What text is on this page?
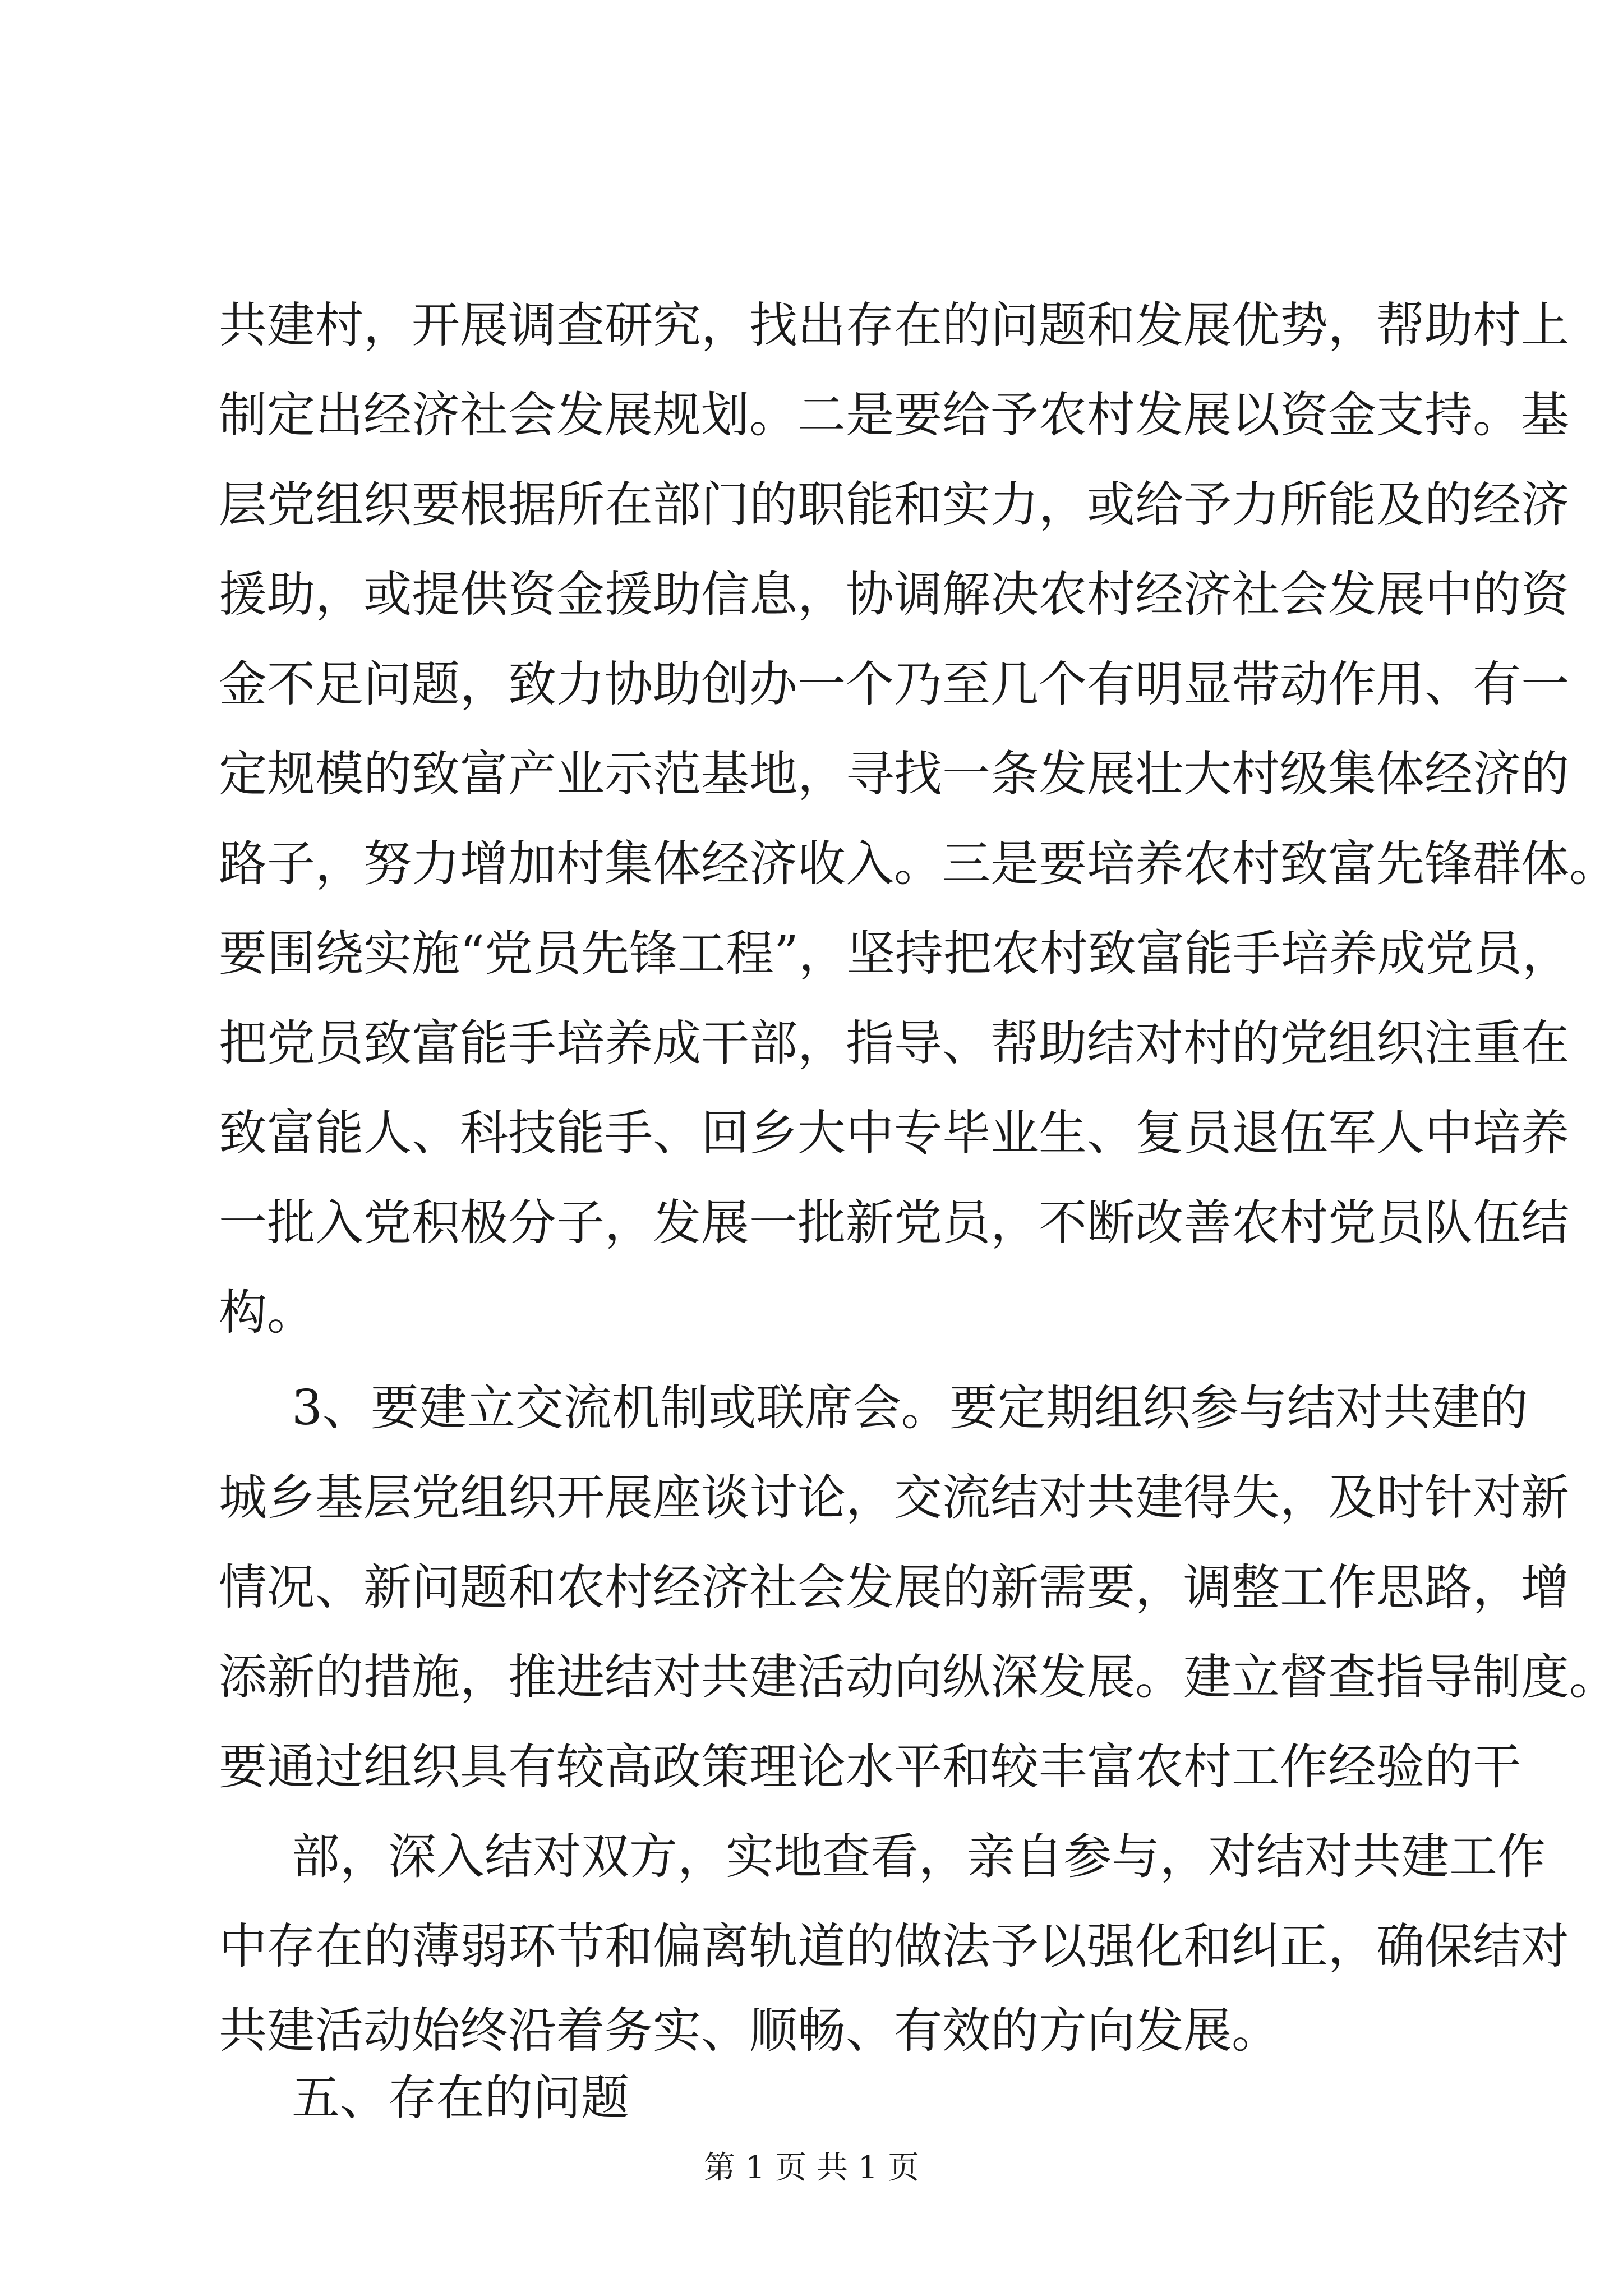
共建村，开展调查研究，找出存在的问题和发展优势，帮助村上
制定出经济社会发展规划。二是要给予农村发展以资金支持。基
层党组织要根据所在部门的职能和实力，或给予力所能及的经济
援助，或提供资金援助信息，协调解决农村经济社会发展中的资
金不足问题，致力协助创办一个乃至几个有明显带动作用、有一
定规模的致富产业示范基地，寻找一条发展壮大村级集体经济的
路子，努力增加村集体经济收入。三是要培养农村致富先锋群体。
要围绕实施“党员先锋工程”，坚持把农村致富能手培养成党员，
把党员致富能手培养成干部，指导、帮助结对村的党组织注重在
致富能人、科技能手、回乡大中专毕业生、复员退伍军人中培养
一批入党积极分子，发展一批新党员，不断改善农村党员队伍结
构。
3、要建立交流机制或联席会。要定期组织参与结对共建的
城乡基层党组织开展座谈讨论，交流结对共建得失，及时针对新
情况、新问题和农村经济社会发展的新需要，调整工作思路，增
添新的措施，推进结对共建活动向纵深发展。建立督查指导制度。
要通过组织具有较高政策理论水平和较丰富农村工作经验的干
部，深入结对双方，实地查看，亲自参与，对结对共建工作
中存在的薄弱环节和偏离轨道的做法予以强化和纠正，确保结对
共建活动始终沿着务实、顺畅、有效的方向发展。
五、存在的问题
第 1 页 共 1 页
